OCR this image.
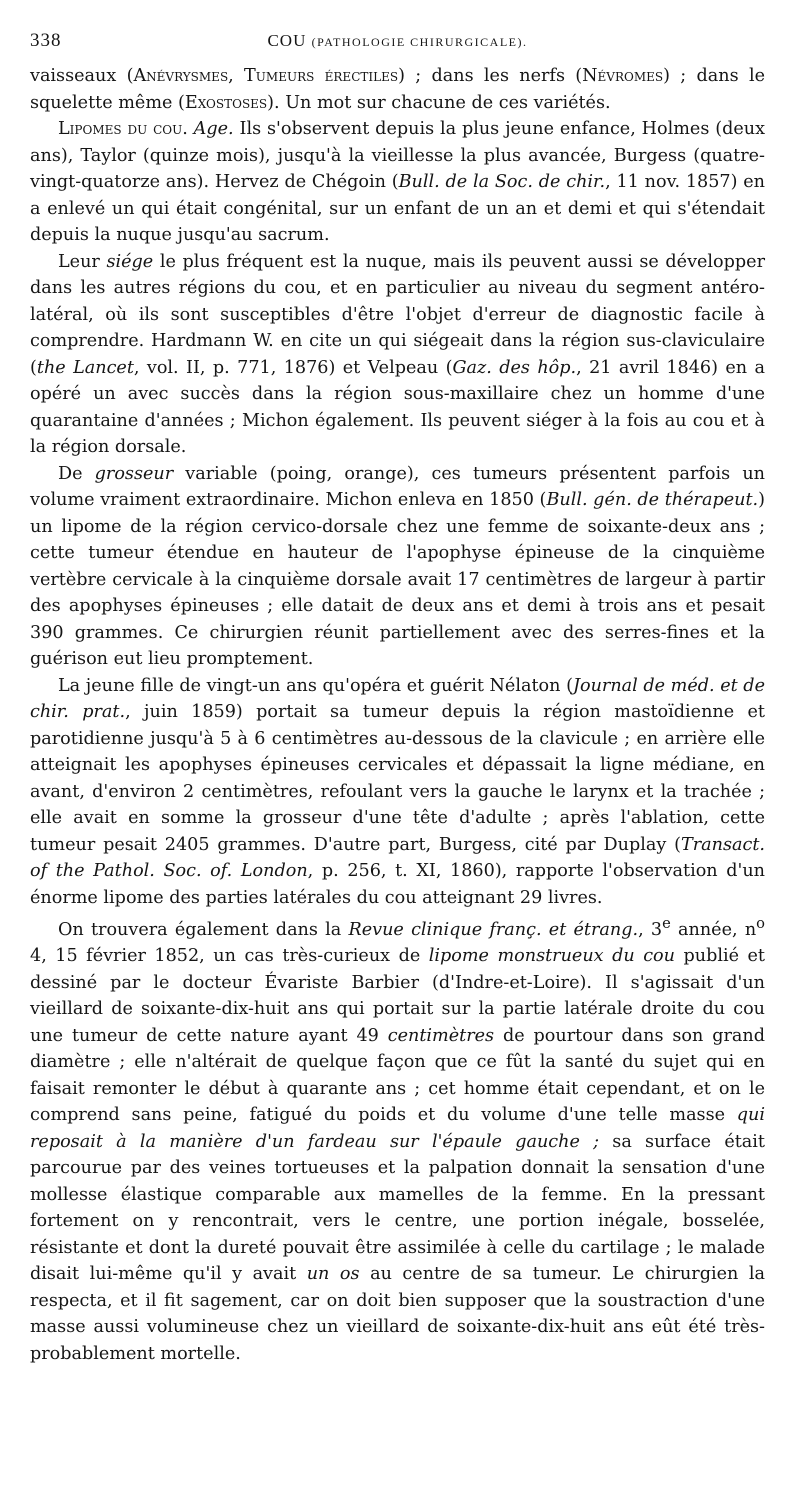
338	COU (PATHOLOGIE CHIRURGICALE).

vaisseaux (Anévrysmes, Tumeurs érectiles) ; dans les nerfs (Névromes) ; dans le squelette même (Exostoses). Un mot sur chacune de ces variétés.

Lipomes du cou. Age. Ils s'observent depuis la plus jeune enfance, Holmes (deux ans), Taylor (quinze mois), jusqu'à la vieillesse la plus avancée, Burgess (quatre-vingt-quatorze ans). Hervez de Chégoin (Bull. de la Soc. de chir., 11 nov. 1857) en a enlevé un qui était congénital, sur un enfant de un an et demi et qui s'étendait depuis la nuque jusqu'au sacrum.

Leur siége le plus fréquent est la nuque, mais ils peuvent aussi se développer dans les autres régions du cou, et en particulier au niveau du segment antéro-latéral, où ils sont susceptibles d'être l'objet d'erreur de diagnostic facile à comprendre. Hardmann W. en cite un qui siégeait dans la région sus-claviculaire (the Lancet, vol. II, p. 771, 1876) et Velpeau (Gaz. des hôp., 21 avril 1846) en a opéré un avec succès dans la région sous-maxillaire chez un homme d'une quarantaine d'années ; Michon également. Ils peuvent siéger à la fois au cou et à la région dorsale.

De grosseur variable (poing, orange), ces tumeurs présentent parfois un volume vraiment extraordinaire. Michon enleva en 1850 (Bull. gén. de thérapeut.) un lipome de la région cervico-dorsale chez une femme de soixante-deux ans ; cette tumeur étendue en hauteur de l'apophyse épineuse de la cinquième vertèbre cervicale à la cinquième dorsale avait 17 centimètres de largeur à partir des apophyses épineuses ; elle datait de deux ans et demi à trois ans et pesait 390 grammes. Ce chirurgien réunit partiellement avec des serres-fines et la guérison eut lieu promptement.

La jeune fille de vingt-un ans qu'opéra et guérit Nélaton (Journal de méd. et de chir. prat., juin 1859) portait sa tumeur depuis la région mastoïdienne et parotidienne jusqu'à 5 à 6 centimètres au-dessous de la clavicule ; en arrière elle atteignait les apophyses épineuses cervicales et dépassait la ligne médiane, en avant, d'environ 2 centimètres, refoulant vers la gauche le larynx et la trachée ; elle avait en somme la grosseur d'une tête d'adulte ; après l'ablation, cette tumeur pesait 2405 grammes. D'autre part, Burgess, cité par Duplay (Transact. of the Pathol. Soc. of. London, p. 256, t. XI, 1860), rapporte l'observation d'un énorme lipome des parties latérales du cou atteignant 29 livres.

On trouvera également dans la Revue clinique franç. et étrang., 3e année, $n^o$ 4, 15 février 1852, un cas très-curieux de lipome monstrueux du cou publié et dessiné par le docteur Évariste Barbier (d'Indre-et-Loire). Il s'agissait d'un vieillard de soixante-dix-huit ans qui portait sur la partie latérale droite du cou une tumeur de cette nature ayant 49 centimètres de pourtour dans son grand diamètre ; elle n'altérait de quelque façon que ce fût la santé du sujet qui en faisait remonter le début à quarante ans ; cet homme était cependant, et on le comprend sans peine, fatigué du poids et du volume d'une telle masse qui reposait à la manière d'un fardeau sur l'épaule gauche ; sa surface était parcourue par des veines tortueuses et la palpation donnait la sensation d'une mollesse élastique comparable aux mamelles de la femme. En la pressant fortement on y rencontrait, vers le centre, une portion inégale, bosselée, résistante et dont la dureté pouvait être assimilée à celle du cartilage ; le malade disait lui-même qu'il y avait un os au centre de sa tumeur. Le chirurgien la respecta, et il fit sagement, car on doit bien supposer que la soustraction d'une masse aussi volumineuse chez un vieillard de soixante-dix-huit ans eût été très-probablement mortelle.
